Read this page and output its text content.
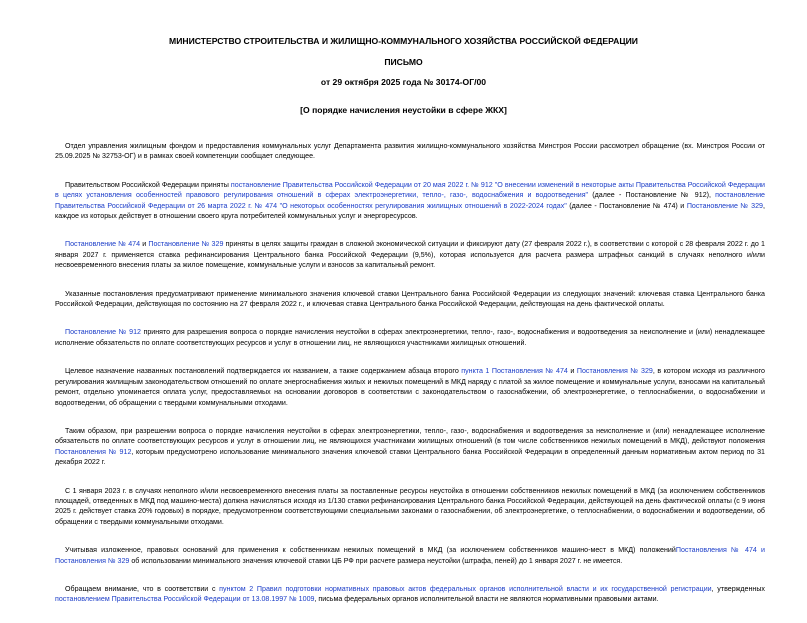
МИНИСТЕРСТВО СТРОИТЕЛЬСТВА И ЖИЛИЩНО-КОММУНАЛЬНОГО ХОЗЯЙСТВА РОССИЙСКОЙ ФЕДЕРАЦИИ
ПИСЬМО
от 29 октября 2025 года № 30174-ОГ/00
[О порядке начисления неустойки в сфере ЖКХ]

Отдел управления жилищным фондом и предоставления коммунальных услуг Департамента развития жилищно-коммунального хозяйства Минстроя России рассмотрел обращение (вх. Минстроя России от 25.09.2025 № 32753-ОГ) и в рамках своей компетенции сообщает следующее.

Правительством Российской Федерации приняты постановление Правительства Российской Федерации от 20 мая 2022 г. № 912 "О внесении изменений в некоторые акты Правительства Российской Федерации в целях установления особенностей правового регулирования отношений в сферах электроэнергетики, тепло-, газо-, водоснабжения и водоотведения" (далее - Постановление № 912), постановление Правительства Российской Федерации от 26 марта 2022 г. № 474 "О некоторых особенностях регулирования жилищных отношений в 2022-2024 годах" (далее - Постановление № 474) и Постановление № 329, каждое из которых действует в отношении своего круга потребителей коммунальных услуг и энергоресурсов.

Постановление № 474 и Постановление № 329 приняты в целях защиты граждан в сложной экономической ситуации и фиксируют дату (27 февраля 2022 г.), в соответствии с которой с 28 февраля 2022 г. до 1 января 2027 г. применяется ставка рефинансирования Центрального банка Российской Федерации (9,5%), которая используется для расчета размера штрафных санкций в случаях неполного и/или несвоевременного внесения платы за жилое помещение, коммунальные услуги и взносов за капитальный ремонт.

Указанные постановления предусматривают применение минимального значения ключевой ставки Центрального банка Российской Федерации из следующих значений: ключевая ставка Центрального банка Российской Федерации, действующая по состоянию на 27 февраля 2022 г., и ключевая ставка Центрального банка Российской Федерации, действующая на день фактической оплаты.

Постановление № 912 принято для разрешения вопроса о порядке начисления неустойки в сферах электроэнергетики, тепло-, газо-, водоснабжения и водоотведения за неисполнение и (или) ненадлежащее исполнение обязательств по оплате соответствующих ресурсов и услуг в отношении лиц, не являющихся участниками жилищных отношений.

Целевое назначение названных постановлений подтверждается их названием, а также содержанием абзаца второго пункта 1 Постановления № 474 и Постановления № 329, в котором исходя из различного регулирования жилищным законодательством отношений по оплате энергоснабжения жилых и нежилых помещений в МКД наряду с платой за жилое помещение и коммунальные услуги, взносами на капитальный ремонт, отдельно упоминается оплата услуг, предоставляемых на основании договоров в соответствии с законодательством о газоснабжении, об электроэнергетике, о теплоснабжении, о водоснабжении и водоотведении, об обращении с твердыми коммунальными отходами.

Таким образом, при разрешении вопроса о порядке начисления неустойки в сферах электроэнергетики, тепло-, газо-, водоснабжения и водоотведения за неисполнение и (или) ненадлежащее исполнение обязательств по оплате соответствующих ресурсов и услуг в отношении лиц, не являющихся участниками жилищных отношений (в том числе собственников нежилых помещений в МКД), действуют положения Постановления № 912, которым предусмотрено использование минимального значения ключевой ставки Центрального банка Российской Федерации в определенный данным нормативным актом период по 31 декабря 2022 г.

С 1 января 2023 г. в случаях неполного и/или несвоевременного внесения платы за поставленные ресурсы неустойка в отношении собственников нежилых помещений в МКД (за исключением собственников площадей, отведенных в МКД под машино-места) должна начисляться исходя из 1/130 ставки рефинансирования Центрального банка Российской Федерации, действующей на день фактической оплаты (с 9 июня 2025 г. действует ставка 20% годовых) в порядке, предусмотренном соответствующими специальными законами о газоснабжении, об электроэнергетике, о теплоснабжении, о водоснабжении и водоотведении, об обращении с твердыми коммунальными отходами.

Учитывая изложенное, правовых оснований для применения к собственникам нежилых помещений в МКД (за исключением собственников машино-мест в МКД) положенийПостановления № 474 и Постановления № 329 об использовании минимального значения ключевой ставки ЦБ РФ при расчете размера неустойки (штрафа, пеней) до 1 января 2027 г. не имеется.

Обращаем внимание, что в соответствии с пунктом 2 Правил подготовки нормативных правовых актов федеральных органов исполнительной власти и их государственной регистрации, утвержденных постановлением Правительства Российской Федерации от 13.08.1997 № 1009, письма федеральных органов исполнительной власти не являются нормативными правовыми актами.
